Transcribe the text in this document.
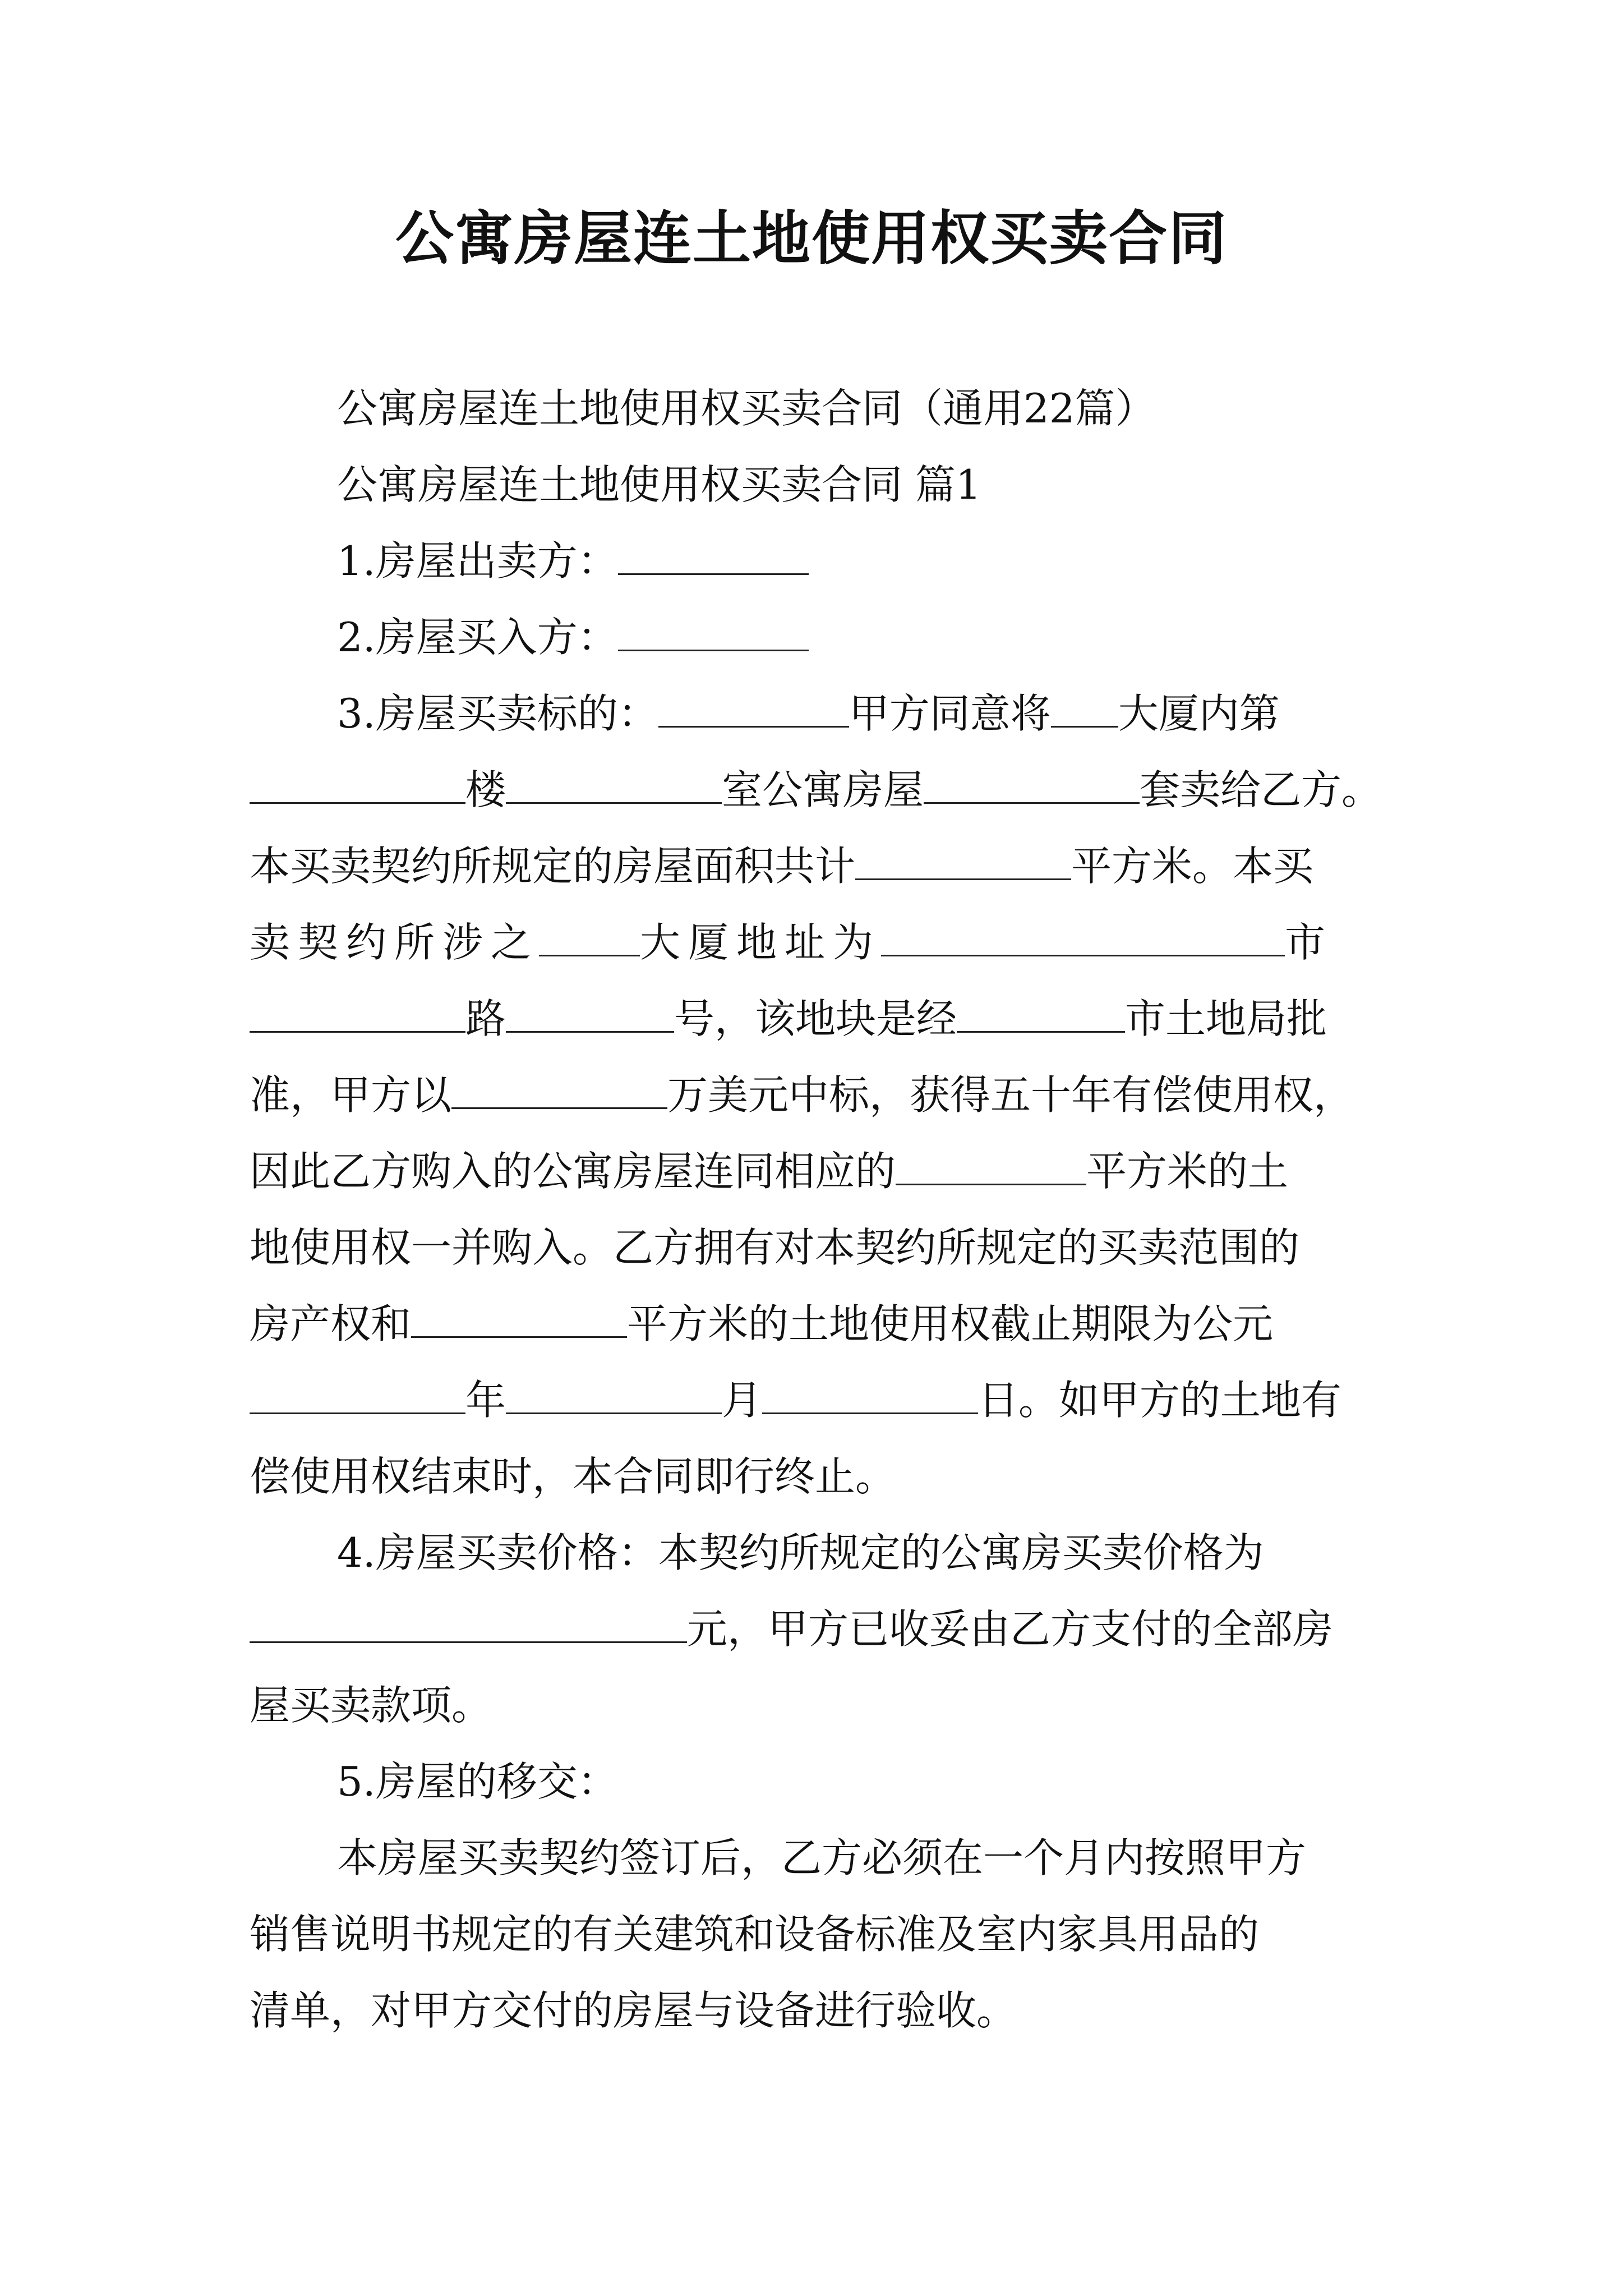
公寓房屋连土地使用权买卖合同

公寓房屋连土地使用权买卖合同（通用22篇）

公寓房屋连土地使用权买卖合同 篇1

1.房屋出卖方：

2.房屋买入方：

3.房屋买卖标的：	甲方同意将 大厦内第

楼	室公寓房屋	套卖给乙方。

本买卖契约所规定的房屋面积共计	平方米。本买

卖契约所涉之	大厦地址为	市

路	号，该地块是经	市土地局批

准，甲方以	万美元中标，获得五十年有偿使用权，

因此乙方购入的公寓房屋连同相应的	平方米的土

地使用权一并购入。乙方拥有对本契约所规定的买卖范围的

房产权和	平方米的土地使用权截止期限为公元

年	月	日。如甲方的土地有

偿使用权结束时，本合同即行终止。

4.房屋买卖价格：本契约所规定的公寓房买卖价格为

元，甲方已收妥由乙方支付的全部房

屋买卖款项。

5.房屋的移交：

本房屋买卖契约签订后，乙方必须在一个月内按照甲方

销售说明书规定的有关建筑和设备标准及室内家具用品的

清单，对甲方交付的房屋与设备进行验收。
